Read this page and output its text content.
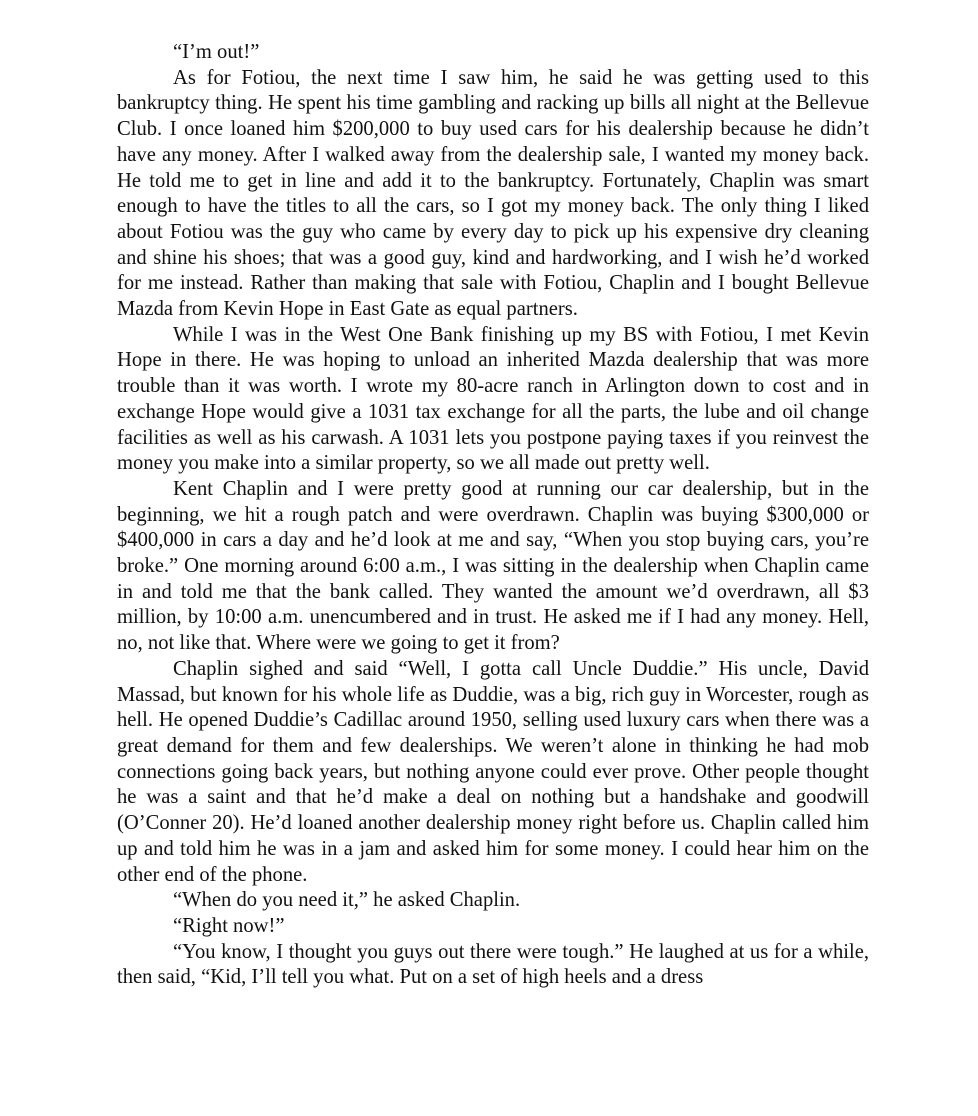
“I’m out!”

As for Fotiou, the next time I saw him, he said he was getting used to this bankruptcy thing. He spent his time gambling and racking up bills all night at the Bellevue Club. I once loaned him $200,000 to buy used cars for his dealership because he didn’t have any money. After I walked away from the dealership sale, I wanted my money back. He told me to get in line and add it to the bankruptcy. Fortunately, Chaplin was smart enough to have the titles to all the cars, so I got my money back. The only thing I liked about Fotiou was the guy who came by every day to pick up his expensive dry cleaning and shine his shoes; that was a good guy, kind and hardworking, and I wish he’d worked for me instead. Rather than making that sale with Fotiou, Chaplin and I bought Bellevue Mazda from Kevin Hope in East Gate as equal partners.

While I was in the West One Bank finishing up my BS with Fotiou, I met Kevin Hope in there. He was hoping to unload an inherited Mazda dealership that was more trouble than it was worth. I wrote my 80-acre ranch in Arlington down to cost and in exchange Hope would give a 1031 tax exchange for all the parts, the lube and oil change facilities as well as his carwash. A 1031 lets you postpone paying taxes if you reinvest the money you make into a similar property, so we all made out pretty well.

Kent Chaplin and I were pretty good at running our car dealership, but in the beginning, we hit a rough patch and were overdrawn. Chaplin was buying $300,000 or $400,000 in cars a day and he’d look at me and say, “When you stop buying cars, you’re broke.” One morning around 6:00 a.m., I was sitting in the dealership when Chaplin came in and told me that the bank called. They wanted the amount we’d overdrawn, all $3 million, by 10:00 a.m. unencumbered and in trust. He asked me if I had any money. Hell, no, not like that. Where were we going to get it from?

Chaplin sighed and said “Well, I gotta call Uncle Duddie.” His uncle, David Massad, but known for his whole life as Duddie, was a big, rich guy in Worcester, rough as hell. He opened Duddie’s Cadillac around 1950, selling used luxury cars when there was a great demand for them and few dealerships. We weren’t alone in thinking he had mob connections going back years, but nothing anyone could ever prove. Other people thought he was a saint and that he’d make a deal on nothing but a handshake and goodwill (O’Conner 20). He’d loaned another dealership money right before us. Chaplin called him up and told him he was in a jam and asked him for some money. I could hear him on the other end of the phone.

“When do you need it,” he asked Chaplin.

“Right now!”

“You know, I thought you guys out there were tough.” He laughed at us for a while, then said, “Kid, I’ll tell you what. Put on a set of high heels and a dress
